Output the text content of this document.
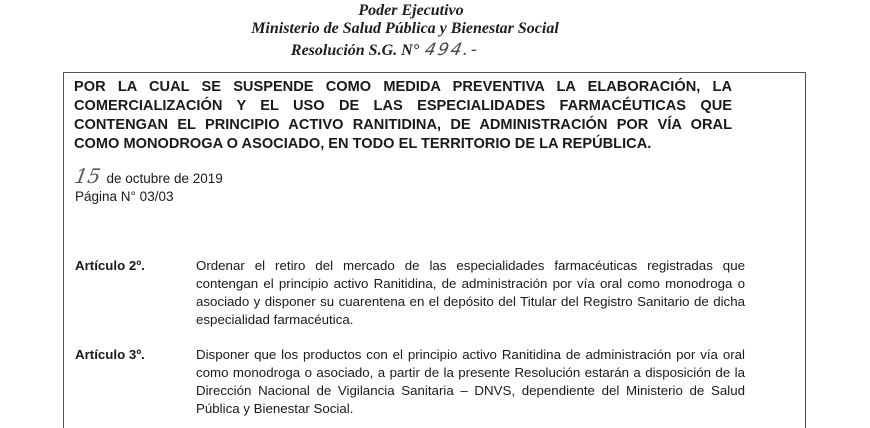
Poder Ejecutivo
Ministerio de Salud Pública y Bienestar Social
Resolución S.G. N° 494.-
POR LA CUAL SE SUSPENDE COMO MEDIDA PREVENTIVA LA ELABORACIÓN, LA COMERCIALIZACIÓN Y EL USO DE LAS ESPECIALIDADES FARMACÉUTICAS QUE CONTENGAN EL PRINCIPIO ACTIVO RANITIDINA, DE ADMINISTRACIÓN POR VÍA ORAL COMO MONODROGA O ASOCIADO, EN TODO EL TERRITORIO DE LA REPÚBLICA.
15 de octubre de 2019
Página N° 03/03
Artículo 2º.	Ordenar el retiro del mercado de las especialidades farmacéuticas registradas que contengan el principio activo Ranitidina, de administración por vía oral como monodroga o asociado y disponer su cuarentena en el depósito del Titular del Registro Sanitario de dicha especialidad farmacéutica.
Artículo 3º.	Disponer que los productos con el principio activo Ranitidina de administración por vía oral como monodroga o asociado, a partir de la presente Resolución estarán a disposición de la Dirección Nacional de Vigilancia Sanitaria – DNVS, dependiente del Ministerio de Salud Pública y Bienestar Social.
